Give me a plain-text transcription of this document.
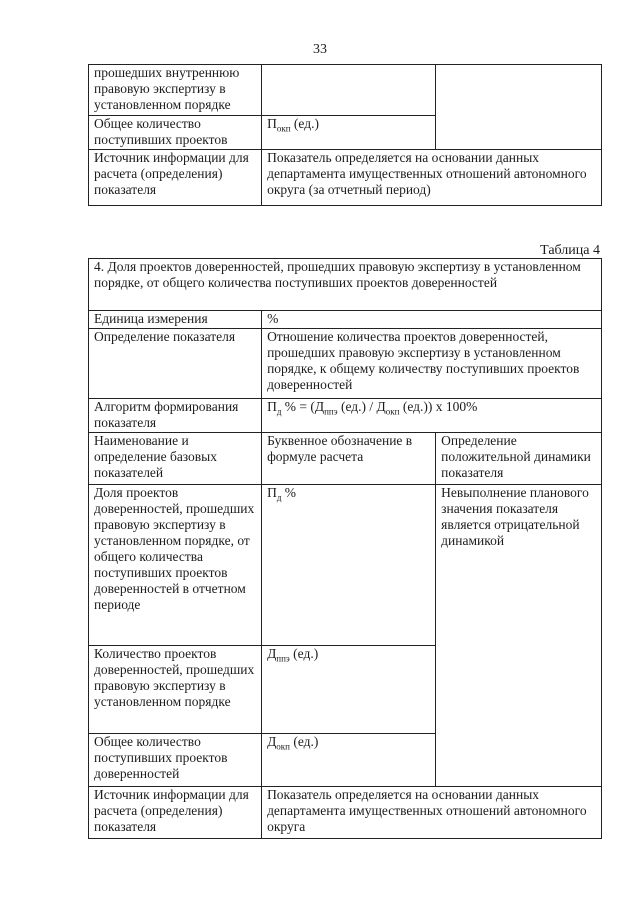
33
прошедших внутреннюю правовую экспертизу в установленном порядке		
Общее количество поступивших проектов	$П_{окп}$ (ед.)	
Источник информации для расчета (определения) показателя	Показатель определяется на основании данных департамента имущественных отношений автономного округа (за отчетный период)	
Таблица 4
4. Доля проектов доверенностей, прошедших правовую экспертизу в установленном порядке, от общего количества поступивших проектов доверенностей		
Единица измерения	%	
Определение показателя	Отношение количества проектов доверенностей, прошедших правовую экспертизу в установленном порядке, к общему количеству поступивших проектов доверенностей	
Алгоритм формирования показателя	$П_д$ % = ($Д_{ппэ}$ $(ед.) / Д_{окп}$ (ед.)) x 100%	
Наименование и определение базовых показателей	Буквенное обозначение в формуле расчета	Определение положительной динамики показателя
Доля проектов доверенностей, прошедших правовую экспертизу в установленном порядке, от общего количества поступивших проектов доверенностей в отчетном периоде	$П_д$ %	Невыполнение планового значения показателя является отрицательной динамикой
Количество проектов доверенностей, прошедших правовую экспертизу в установленном порядке	$Д_{ппэ}$ (ед.)	
Общее количество поступивших проектов доверенностей	$Д_{окп}$ (ед.)	
Источник информации для расчета (определения) показателя	Показатель определяется на основании данных департамента имущественных отношений автономного округа	
